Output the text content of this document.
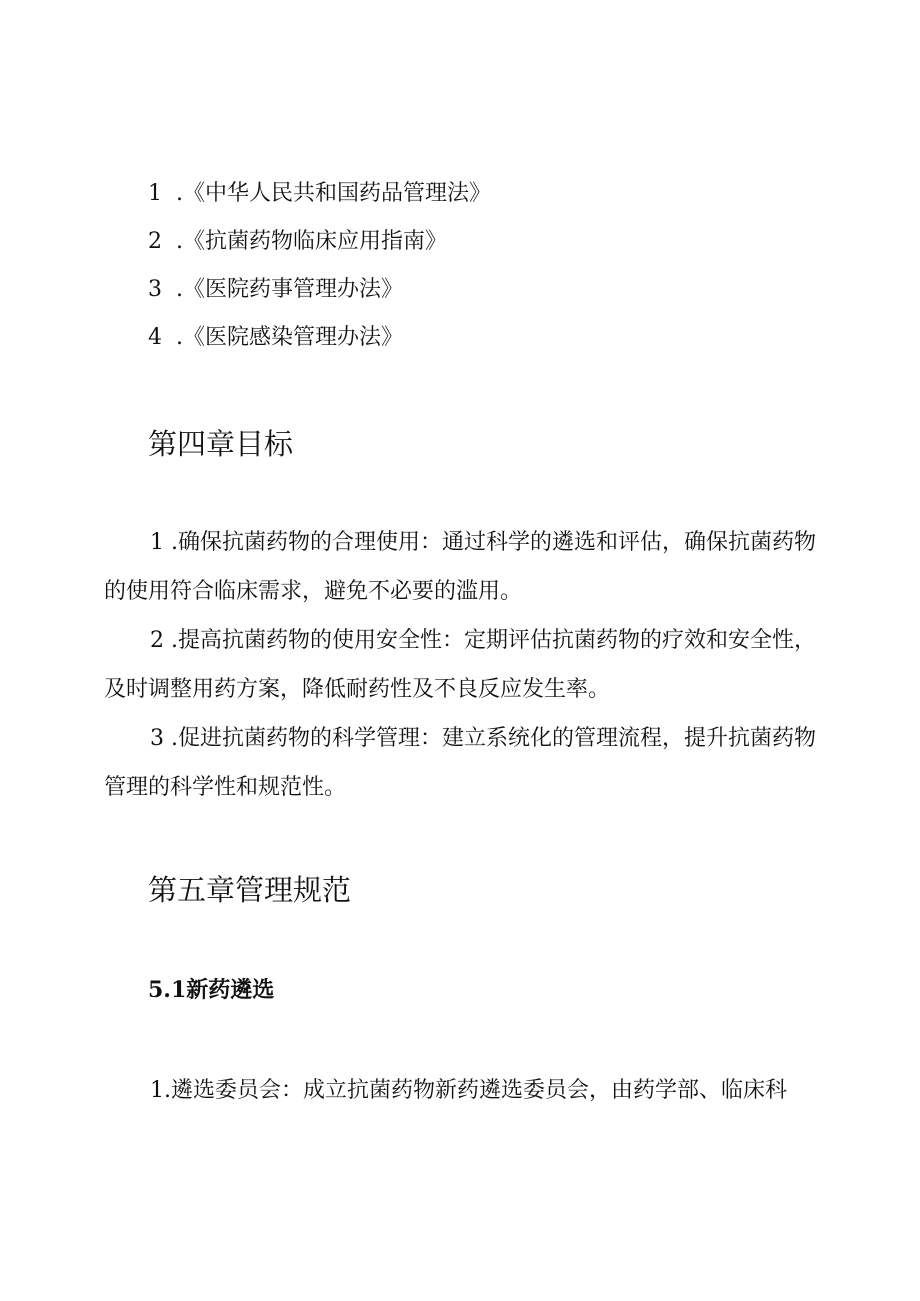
1 .《中华人民共和国药品管理法》
2 .《抗菌药物临床应用指南》
3 .《医院药事管理办法》
4 .《医院感染管理办法》
第四章目标

1 .确保抗菌药物的合理使用：通过科学的遴选和评估，确保抗菌药物的使用符合临床需求，避免不必要的滥用。

2 .提高抗菌药物的使用安全性：定期评估抗菌药物的疗效和安全性，及时调整用药方案，降低耐药性及不良反应发生率。

3 .促进抗菌药物的科学管理：建立系统化的管理流程，提升抗菌药物管理的科学性和规范性。

第五章管理规范
5.1新药遴选

1.遴选委员会：成立抗菌药物新药遴选委员会，由药学部、临床科
